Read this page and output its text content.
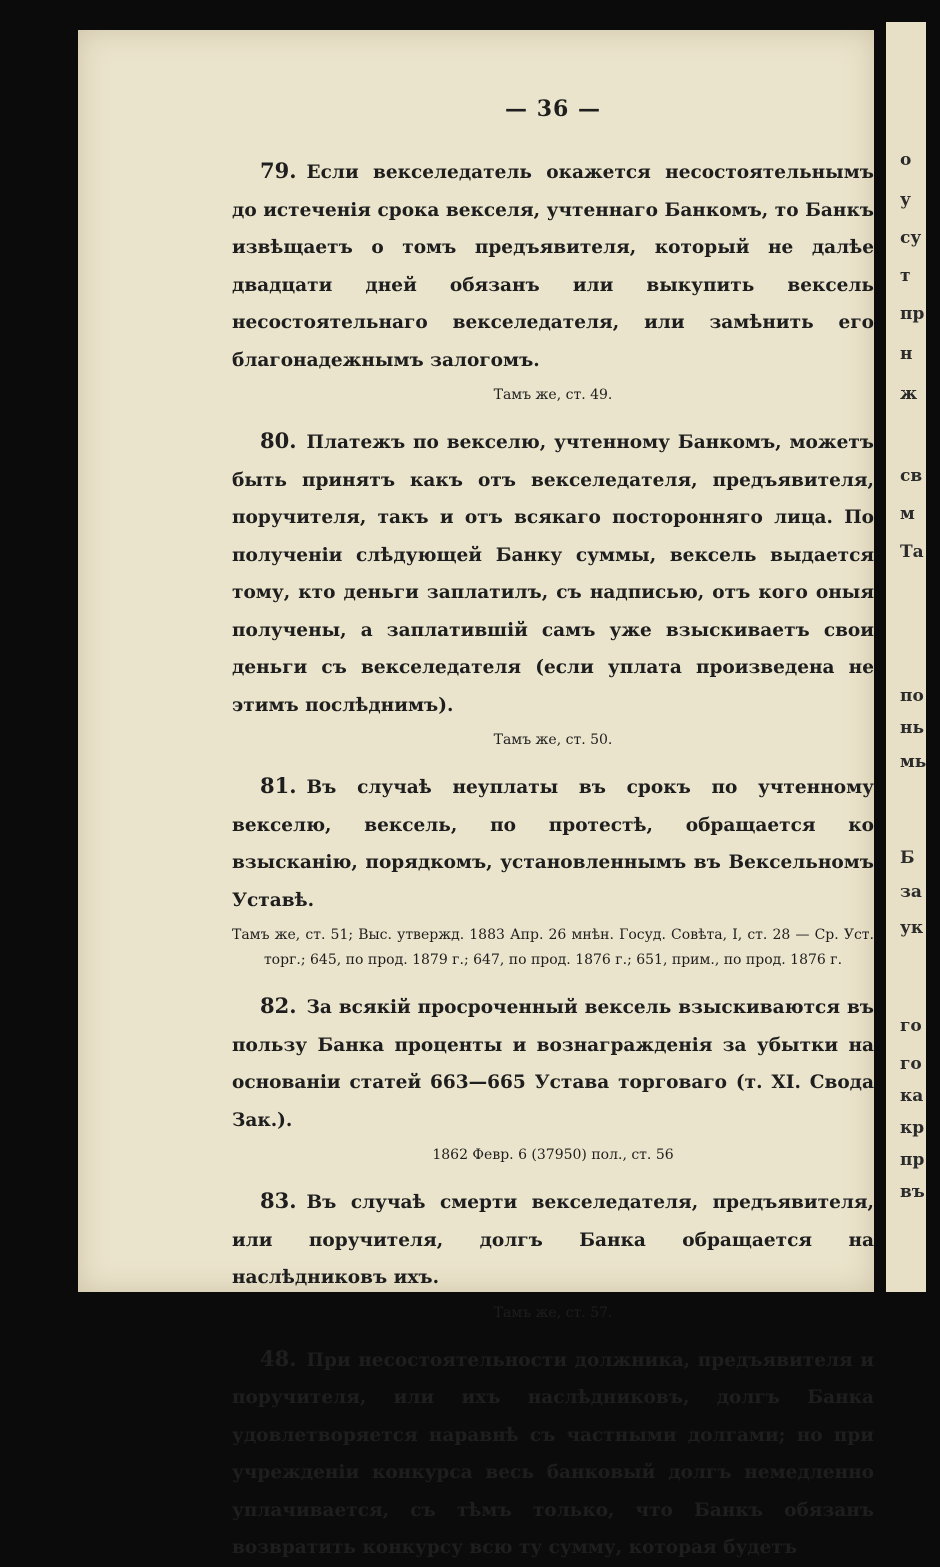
о
у
су
т
пр
н
ж
св
м
Та
по
нь
мь
Б
за
ук
го
го
ка
кр
пр
въ
— 36 —

79. Если векселедатель окажется несостоятельнымъ до истеченія срока векселя, учтеннаго Банкомъ, то Банкъ извѣщаетъ о томъ предъявителя, который не далѣе двадцати дней обязанъ или выкупить вексель несостоятельнаго векселедателя, или замѣнить его благонадежнымъ залогомъ.

Тамъ же, ст. 49.

80. Платежъ по векселю, учтенному Банкомъ, можетъ быть принятъ какъ отъ векселедателя, предъявителя, поручителя, такъ и отъ всякаго посторонняго лица. По полученіи слѣдующей Банку суммы, вексель выдается тому, кто деньги заплатилъ, съ надписью, отъ кого оныя получены, а заплатившій самъ уже взыскиваетъ свои деньги съ векселедателя (если уплата произведена не этимъ послѣднимъ).

Тамъ же, ст. 50.

81. Въ случаѣ неуплаты въ срокъ по учтенному векселю, вексель, по протестѣ, обращается ко взысканію, порядкомъ, установленнымъ въ Вексельномъ Уставѣ.

Тамъ же, ст. 51; Выс. утвержд. 1883 Апр. 26 мнѣн. Госуд. Совѣта, I, ст. 28 — Ср. Уст. торг.; 645, по прод. 1879 г.; 647, по прод. 1876 г.; 651, прим., по прод. 1876 г.

82. За всякій просроченный вексель взыскиваются въ пользу Банка проценты и вознагражденія за убытки на основаніи статей 663—665 Устава торговаго (т. XI. Свода Зак.).

1862 Февр. 6 (37950) пол., ст. 56

83. Въ случаѣ смерти векселедателя, предъявителя, или поручителя, долгъ Банка обращается на наслѣдниковъ ихъ.

Тамъ же, ст. 57.

48. При несостоятельности должника, предъявителя и поручителя, или ихъ наслѣдниковъ, долгъ Банка удовлетворяется наравнѣ съ частными долгами; но при учрежденіи конкурса весь банковый долгъ немедленно уплачивается, съ тѣмъ только, что Банкъ обязанъ возвратить конкурсу всю ту сумму, которая будетъ
